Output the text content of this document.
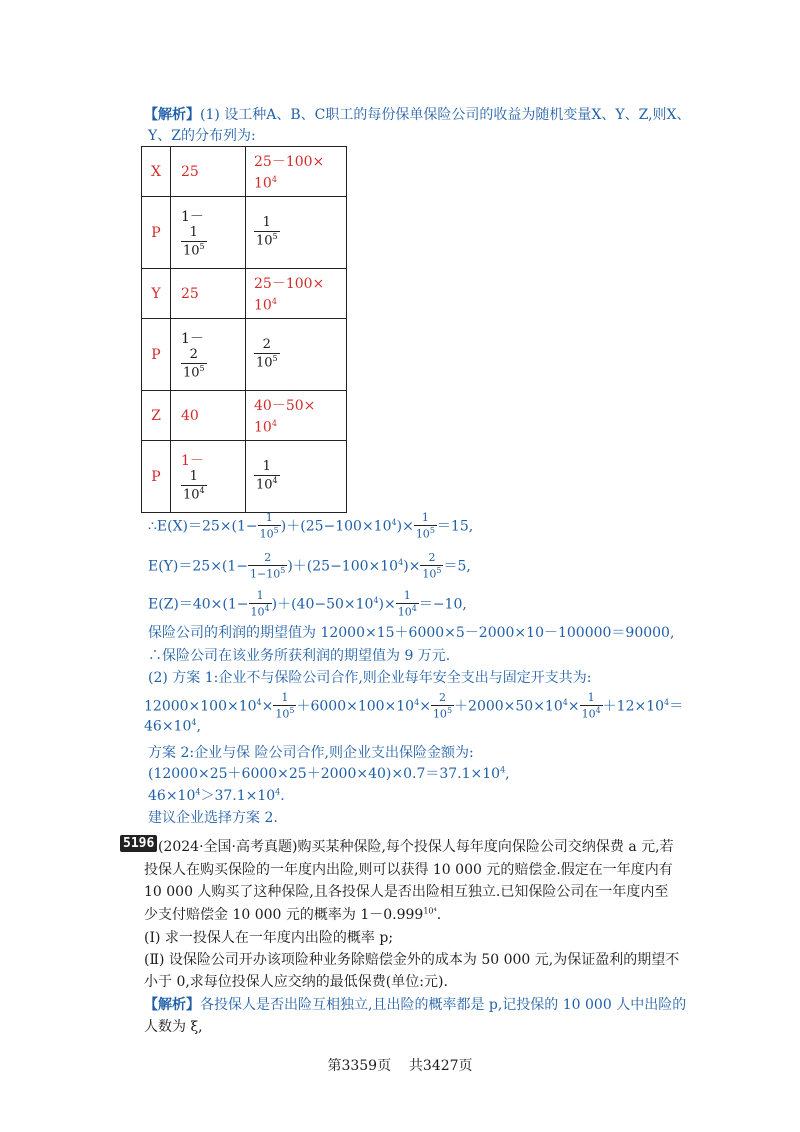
【解析】(1) 设工种A、B、C职工的每份保单保险公司的收益为随机变量X、Y、Z,则X、
Y、Z的分布列为:
X	25	25－100×
$10^4$

P	1－
$\frac{1}{10^5}$	$\frac{1}{10^5}$

Y	25	25－100×
$10^4$

P	1－
$\frac{2}{10^5}$	$\frac{2}{10^5}$

Z	40	40－50×
$10^4$

P	1－
$\frac{1}{10^4}$	$\frac{1}{10^4}$
∴E(X)＝25×(1− $\frac{1}{10^5} )+(25-100\times 10^4)\times \frac{1}{10^5} =15$,
$E(Y)=25\times(1- \frac{2}{1-10^5} )+(25-100\times 10^4)\times \frac{2}{10^5} =5$,
$E(Z)=40\times(1- \frac{1}{10^4} )+(40-50\times 10^4)\times \frac{1}{10^4} =-10$,
保险公司的利润的期望值为 12000×15＋6000×5－2000×10－100000＝90000,
∴保险公司在该业务所获利润的期望值为 9 万元.
(2) 方案 1:企业不与保险公司合作,则企业每年安全支出与固定开支共为:
$12000\times 100\times 10^4\times \frac{1}{10^5} +6000\times 100\times 10^4\times \frac{2}{10^5} +2000\times 50\times 10^4\times \frac{1}{10^4} +12\times 10^4=$
$46\times 10^4$,
方案 2:企业与保 险公司合作,则企业支出保险金额为:
$(12000\times 25+6000\times 25+2000\times 40)\times 0.7=37.1\times 10^4$,
$46\times 10^4>37.1\times 10^4$.
建议企业选择方案 2.
5196 (2024·全国·高考真题)购买某种保险,每个投保人每年度向保险公司交纳保费 a 元,若
投保人在购买保险的一年度内出险,则可以获得 10 000 元的赔偿金.假定在一年度内有
10 000 人购买了这种保险,且各投保人是否出险相互独立.已知保险公司在一年度内至
少支付赔偿金 10 000 元的概率为 $1-0.999^{10^4}$.
(Ⅰ) 求一投保人在一年度内出险的概率 p;
(Ⅱ) 设保险公司开办该项险种业务除赔偿金外的成本为 50 000 元,为保证盈利的期望不
小于 0,求每位投保人应交纳的最低保费(单位:元).
【解析】各投保人是否出险互相独立,且出险的概率都是 p,记投保的 10 000 人中出险的
人数为 ξ,
第3359页 共3427页
